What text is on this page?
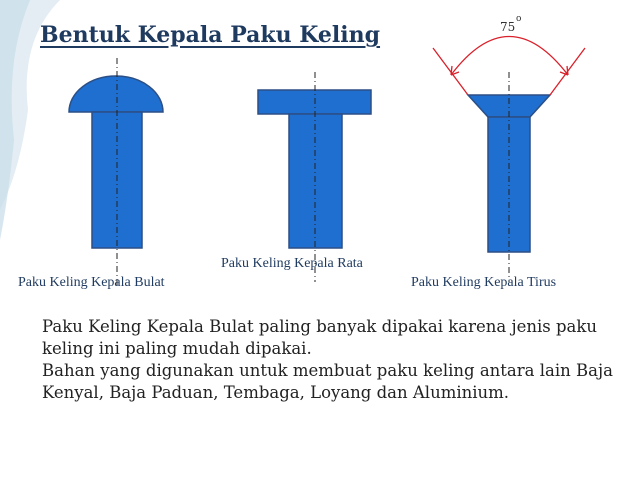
Bentuk Kepala Paku Keling	75
o
Paku Keling Kepala Bulat
Paku Keling Kepala Rata
Paku Keling Kepala Tirus

Paku Keling Kepala Bulat paling banyak dipakai karena jenis paku keling ini paling mudah dipakai.

Bahan yang digunakan untuk membuat paku keling antara lain Baja Kenyal, Baja Paduan, Tembaga, Loyang dan Aluminium.
